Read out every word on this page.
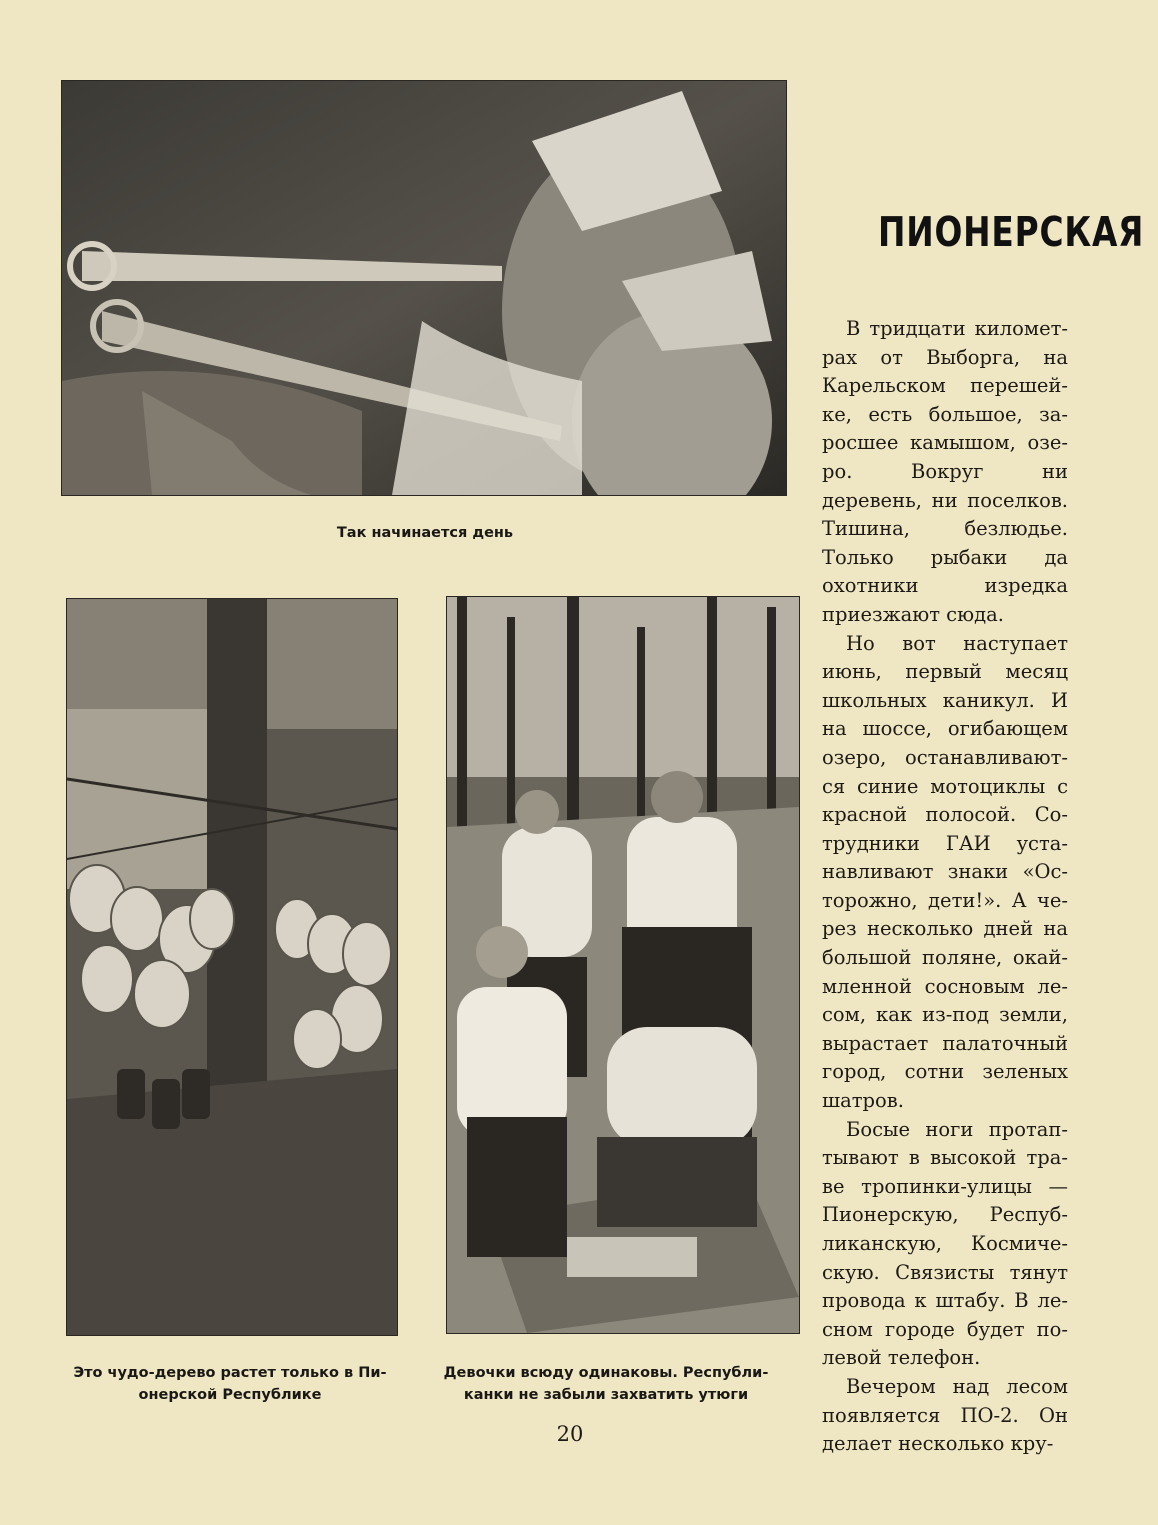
Так начинается день
Это чудо-дерево растет только в Пионерской Республике
Девочки всюду одинаковы. Республиканки не забыли захватить утюги
ПИОНЕРСКАЯ

В тридцати километрах от Выборга, на Карельском перешейке, есть большое, заросшее камышом, озеро. Вокруг ни деревень, ни поселков. Тишина, безлюдье. Только рыбаки да охотники изредка приезжают сюда.

Но вот наступает июнь, первый месяц школьных каникул. И на шоссе, огибающем озеро, останавливаются синие мотоциклы с красной полосой. Сотрудники ГАИ устанавливают знаки «Осторожно, дети!». А через несколько дней на большой поляне, окаймленной сосновым лесом, как из-под земли, вырастает палаточный город, сотни зеленых шатров.

Босые ноги протаптывают в высокой траве тропинки-улицы — Пионерскую, Республиканскую, Космическую. Связисты тянут провода к штабу. В лесном городе будет полевой телефон.

Вечером над лесом появляется ПО-2. Он делает несколько кру-

20
